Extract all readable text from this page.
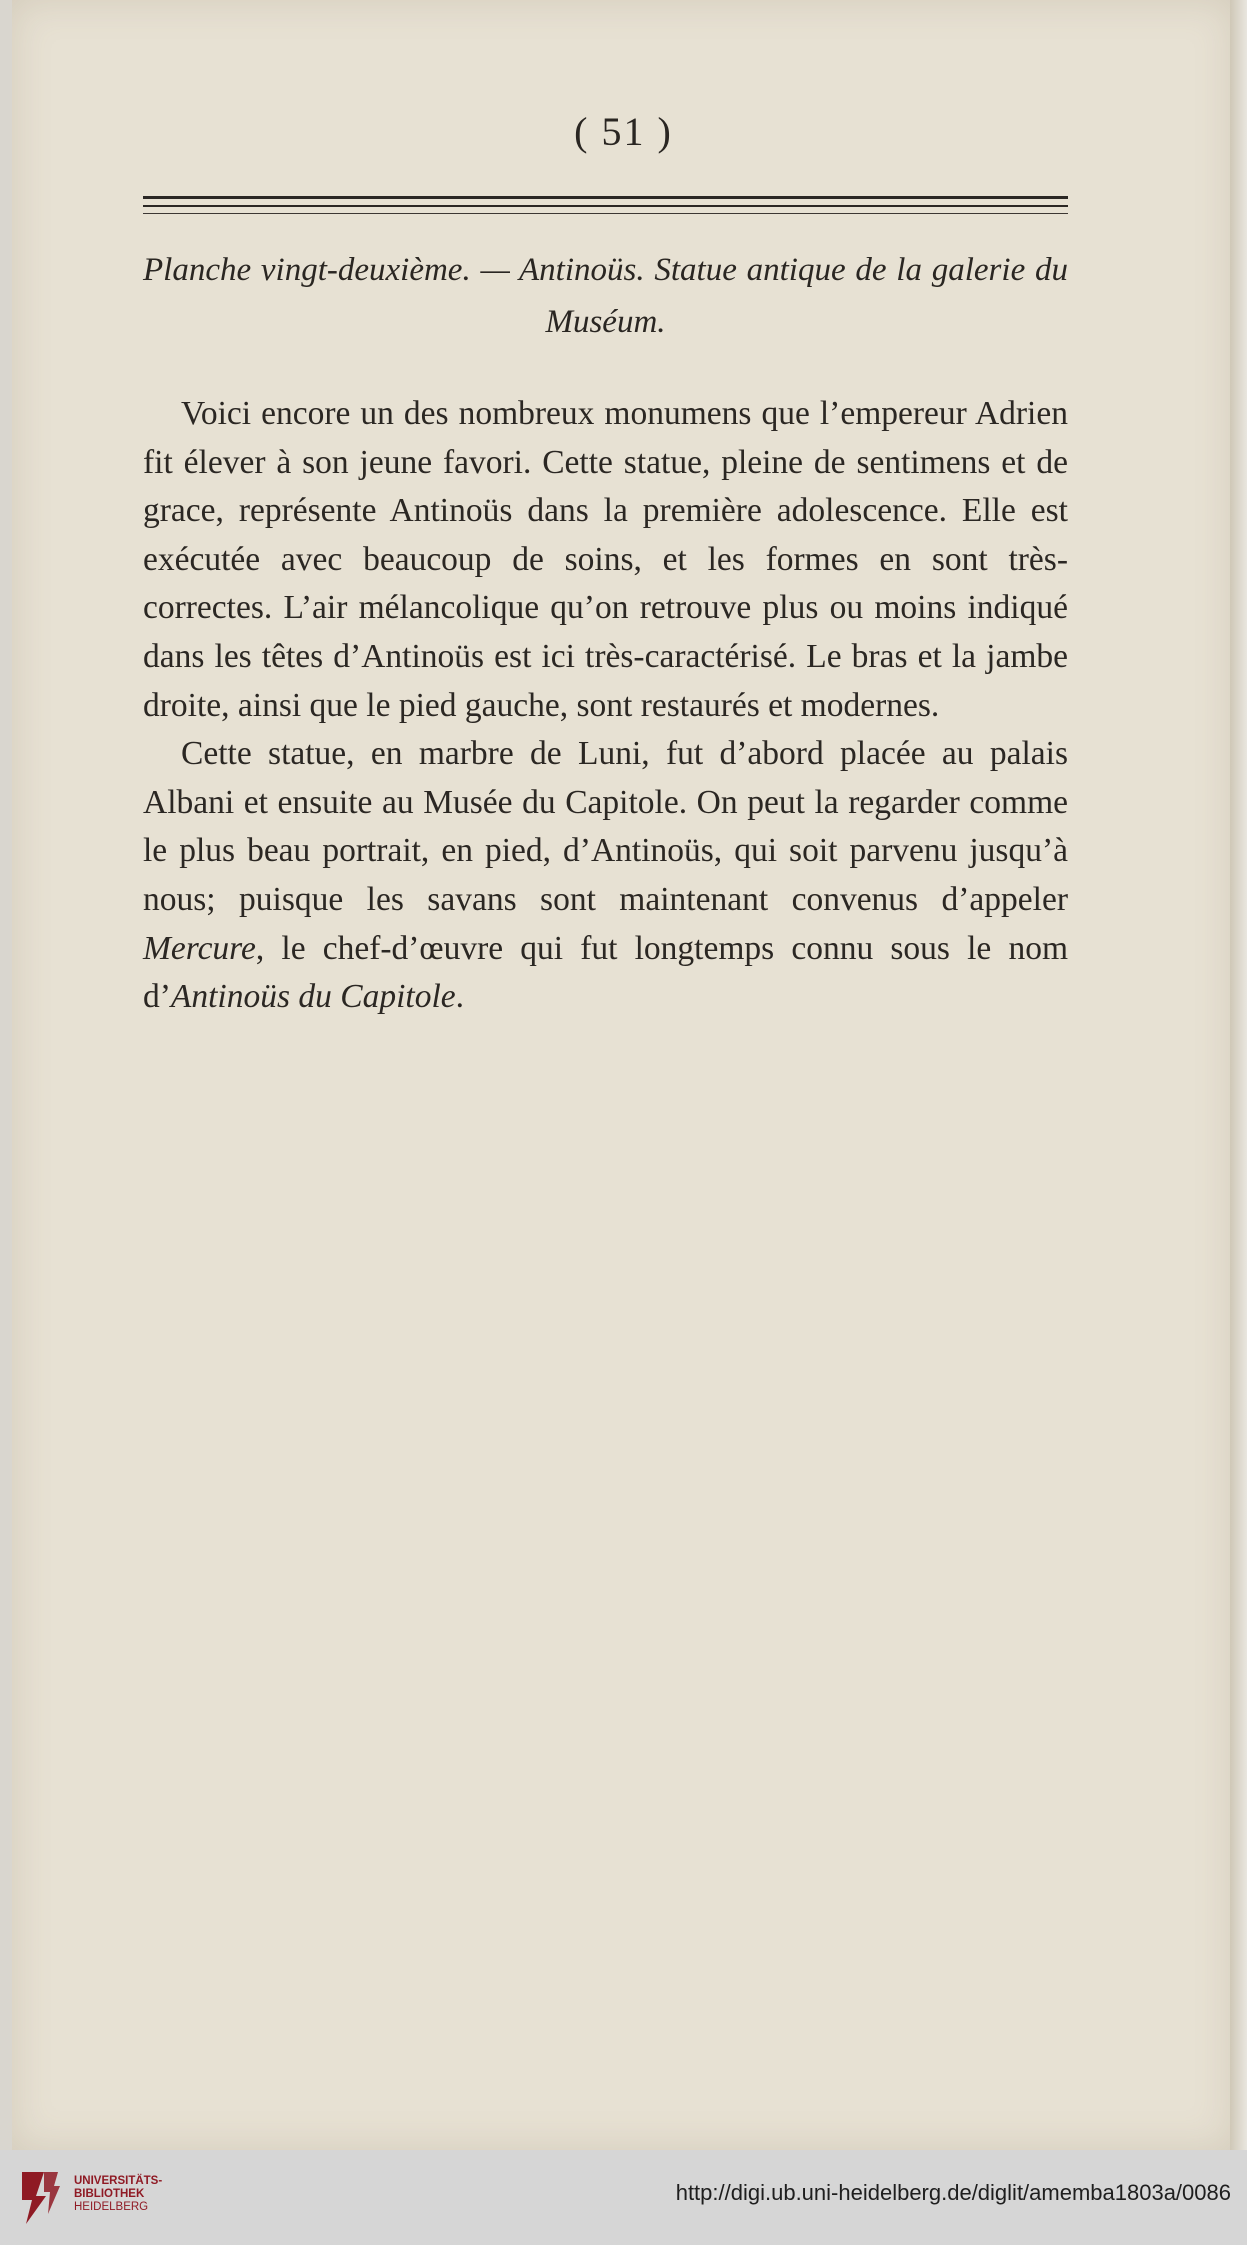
( 51 )
Planche vingt-deuxième. — Antinoüs. Statue antique de la galerie du Muséum.

Voici encore un des nombreux monumens que l’empereur Adrien fit élever à son jeune favori. Cette statue, pleine de sentimens et de grace, représente Antinoüs dans la première adolescence. Elle est exécutée avec beaucoup de soins, et les formes en sont très-correctes. L’air mélancolique qu’on retrouve plus ou moins indiqué dans les têtes d’Antinoüs est ici très-caractérisé. Le bras et la jambe droite, ainsi que le pied gauche, sont restaurés et modernes.

Cette statue, en marbre de Luni, fut d’abord placée au palais Albani et ensuite au Musée du Capitole. On peut la regarder comme le plus beau portrait, en pied, d’Antinoüs, qui soit parvenu jusqu’à nous; puisque les savans sont maintenant convenus d’appeler Mercure, le chef-d’œuvre qui fut longtemps connu sous le nom d’Antinoüs du Capitole.

UNIVERSITÄTS-
BIBLIOTHEK
HEIDELBERG
http://digi.ub.uni-heidelberg.de/diglit/amemba1803a/0086
